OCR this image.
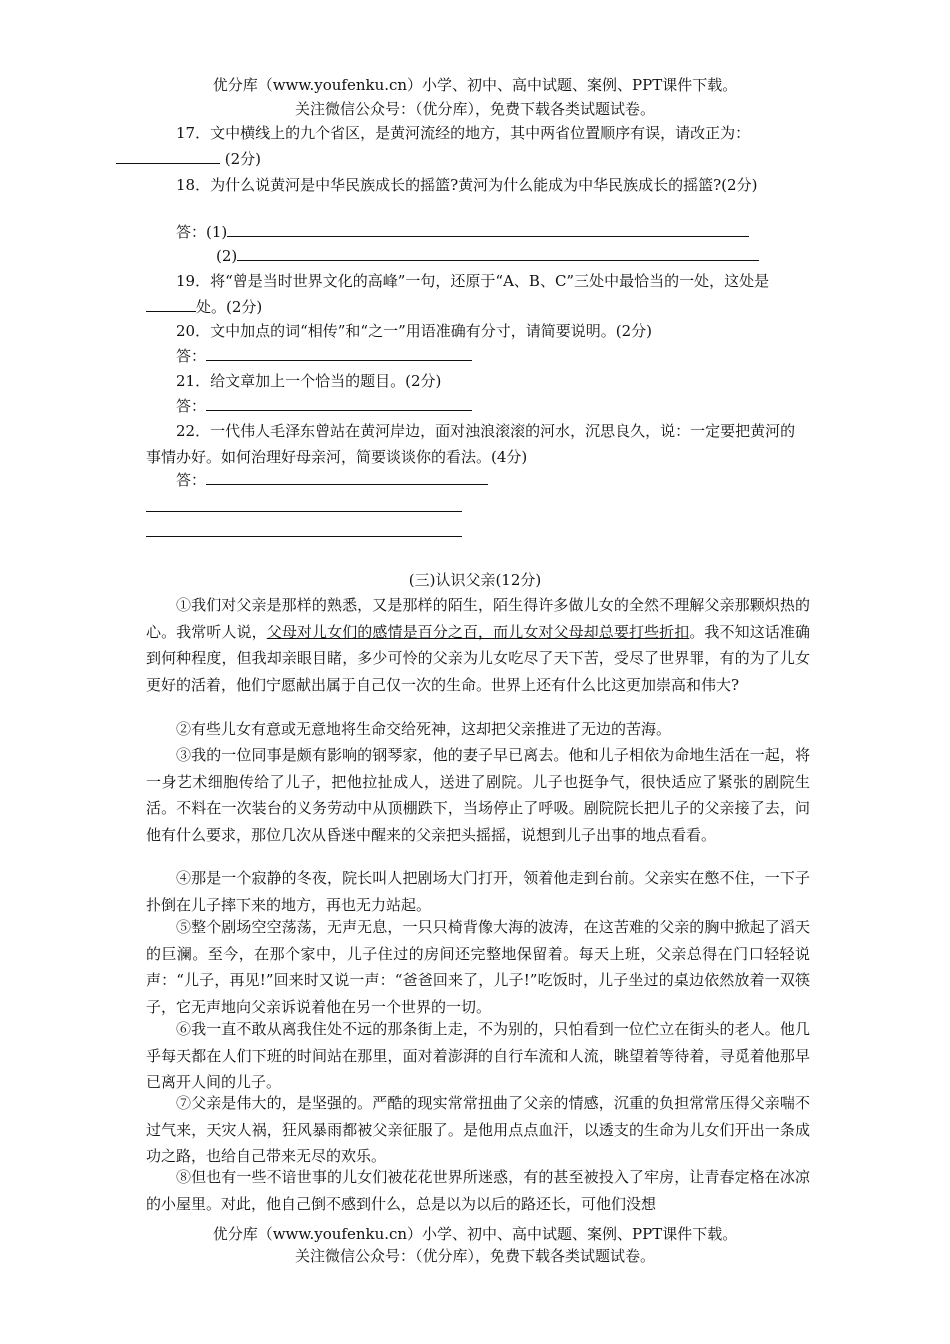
优分库（www.youfenku.cn）小学、初中、高中试题、案例、PPT课件下载。
关注微信公众号：（优分库），免费下载各类试题试卷。

17．文中横线上的九个省区，是黄河流经的地方，其中两省位置顺序有误，请改正为：
(2分)

18．为什么说黄河是中华民族成长的摇篮?黄河为什么能成为中华民族成长的摇篮?(2分)

答：(1)
(2)

19．将“曾是当时世界文化的高峰”一句，还原于“A、B、C”三处中最恰当的一处，这处是处。(2分)

20．文中加点的词“相传”和“之一”用语准确有分寸，请简要说明。(2分)

答：

21．给文章加上一个恰当的题目。(2分)

答：

22．一代伟人毛泽东曾站在黄河岸边，面对浊浪滚滚的河水，沉思良久，说：一定要把黄河的事情办好。如何治理好母亲河，简要谈谈你的看法。(4分)

答：
(三)认识父亲(12分)

①我们对父亲是那样的熟悉，又是那样的陌生，陌生得许多做儿女的全然不理解父亲那颗炽热的心。我常听人说，父母对儿女们的感情是百分之百，而儿女对父母却总要打些折扣。我不知这话准确到何种程度，但我却亲眼目睹，多少可怜的父亲为儿女吃尽了天下苦，受尽了世界罪，有的为了儿女更好的活着，他们宁愿献出属于自己仅一次的生命。世界上还有什么比这更加崇高和伟大?

②有些儿女有意或无意地将生命交给死神，这却把父亲推进了无边的苦海。

③我的一位同事是颇有影响的钢琴家，他的妻子早已离去。他和儿子相依为命地生活在一起，将一身艺术细胞传给了儿子，把他拉扯成人，送进了剧院。儿子也挺争气，很快适应了紧张的剧院生活。不料在一次装台的义务劳动中从顶棚跌下，当场停止了呼吸。剧院院长把儿子的父亲接了去，问他有什么要求，那位几次从昏迷中醒来的父亲把头摇摇，说想到儿子出事的地点看看。

④那是一个寂静的冬夜，院长叫人把剧场大门打开，领着他走到台前。父亲实在憋不住，一下子扑倒在儿子摔下来的地方，再也无力站起。

⑤整个剧场空空荡荡，无声无息，一只只椅背像大海的波涛，在这苦难的父亲的胸中掀起了滔天的巨澜。至今，在那个家中，儿子住过的房间还完整地保留着。每天上班，父亲总得在门口轻轻说声：“儿子，再见!”回来时又说一声：“爸爸回来了，儿子!”吃饭时，儿子坐过的桌边依然放着一双筷子，它无声地向父亲诉说着他在另一个世界的一切。

⑥我一直不敢从离我住处不远的那条街上走，不为别的，只怕看到一位伫立在街头的老人。他几乎每天都在人们下班的时间站在那里，面对着澎湃的自行车流和人流，眺望着等待着，寻觅着他那早已离开人间的儿子。

⑦父亲是伟大的，是坚强的。严酷的现实常常扭曲了父亲的情感，沉重的负担常常压得父亲喘不过气来，天灾人祸，狂风暴雨都被父亲征服了。是他用点点血汗，以透支的生命为儿女们开出一条成功之路，也给自己带来无尽的欢乐。

⑧但也有一些不谙世事的儿女们被花花世界所迷惑，有的甚至被投入了牢房，让青春定格在冰凉的小屋里。对此，他自己倒不感到什么，总是以为以后的路还长，可他们没想

优分库（www.youfenku.cn）小学、初中、高中试题、案例、PPT课件下载。
关注微信公众号：（优分库），免费下载各类试题试卷。
